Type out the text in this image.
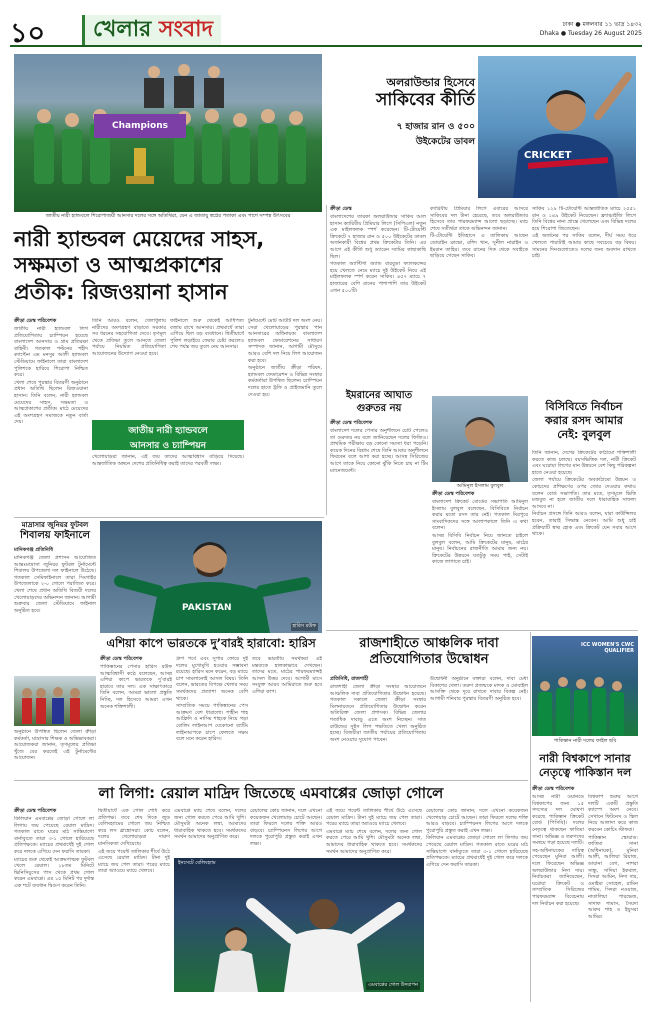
১০	খেলার সংবাদ	ঢাকা ● মঙ্গলবার ১১ ভাদ্র ১৪৩২
Dhaka ● Tuesday 26 August 2025
Champions
জাতীয় নারী হ্যান্ডবলে শিরোপাজয়ী আনসার দলের সঙ্গে অতিথিরা, যেন এ জাতায়ু স্বপ্নের পতাকা এবং পাশে সম্পন্ন উৎসবের
অলরাউন্ডার হিসেবে
সাকিবের কীর্তি
৭ হাজার রান ও ৫০০
উইকেটের ডাবল
CRICKET
ক্রীড়া ডেস্ক

বাংলাদেশের তারকা অলরাউন্ডার সাকিব আল হাসান ক্যারিবীয় প্রিমিয়ার লিগে (সিপিএল) নতুন এক মাইলফলক স্পর্শ করেছেন। টি-টোয়েন্টি ক্রিকেটে ৭ হাজার রান ও ৫০০ উইকেটের ডাবল অর্জনকারী বিশ্বের প্রথম ক্রিকেটার তিনি। এর আগে এই কীর্তি শুধু ড্যারেন স্যামির কাছাকাছি ছিল।

গতকাল অ্যান্টিগা অ্যান্ড বারবুডা ফ্যালকন্সের হয়ে খেলতে নেমে ম্যাচে দুই উইকেট নিয়ে এই মাইলফলক স্পর্শ করেন সাকিব। ৪৫৭ ম্যাচে ৭ হাজারের বেশি রানের পাশাপাশি তার উইকেট এখন ৫০০টি।

ক্যারিবীয় প্রিমিয়ার লিগে এবারের আসরে সাকিবের দল টানা হেরেছে, তবে অলরাউন্ডার হিসেবে তার পারফরম্যান্স আলো ছড়াচ্ছে। ম্যাচ শেষে সতীর্থরা তাকে অভিনন্দন জানান।

টি-টোয়েন্টি ইতিহাসে এ তালিকায় আছেন ডোয়াইন ব্রাভো, রশিদ খান, সুনীল নারাইন ও ইমরান তাহির। তবে রানের দিক থেকে সবাইকে ছাড়িয়ে গেছেন সাকিব।

সাকিব ১২৯ টি-টোয়েন্টি আন্তর্জাতিক ম্যাচে ২৫৫১ রান ও ১৪৯ উইকেট নিয়েছেন। ফ্র্যাঞ্চাইজি লিগে তিনি বিশ্বের নানা প্রান্তে খেলেছেন এবং বিভিন্ন দলের হয়ে শিরোপা জিতেছেন।

এই অর্জনের পর সাকিব বলেন, দীর্ঘ সময় ধরে খেলতে পারাটাই আমার কাছে সবচেয়ে বড় বিষয়। সামনের দিনগুলোতেও দলের জন্য অবদান রাখতে চাই।

নারী হ্যান্ডবল মেয়েদের সাহস,
সক্ষমতা ও আত্মপ্রকাশের
প্রতীক: রিজওয়ানা হাসান
ক্রীড়া ডেস্ক পরিবেশক

জাতীয় নারী হ্যান্ডবল লিগ প্রতিযোগিতায় চ্যাম্পিয়ন হয়েছে বাংলাদেশ আনসার ও গ্রাম প্রতিরক্ষা বাহিনী। গতকাল পল্টনের শহীদ ক্যাপ্টেন এম মনসুর আলী হ্যান্ডবল স্টেডিয়ামে ফাইনালে তারা বাংলাদেশ পুলিশকে হারিয়ে শিরোপা নিশ্চিত করে।

খেলা শেষে পুরস্কার বিতরণী অনুষ্ঠানে প্রধান অতিথি ছিলেন রিজওয়ানা হাসান। তিনি বলেন, নারী হ্যান্ডবল মেয়েদের সাহস, সক্ষমতা ও আত্মপ্রকাশের প্রতীক। মাঠে মেয়েদের এই অংশগ্রহণ সমাজকে নতুন বার্তা দেয়।

তিনি আরও বলেন, খেলাধুলায় নারীদের অংশগ্রহণ বাড়াতে সরকার সব ধরনের সহযোগিতা দেবে। তৃণমূল থেকে প্রতিভা তুলে আনতে জেলা পর্যায়ে নিয়মিত প্রতিযোগিতা আয়োজনের উদ্যোগ নেওয়া হবে।

ফাইনালে শুরু থেকেই আধিপত্য বজায় রাখে আনসার। প্রথমার্ধে তারা এগিয়ে ছিল বড় ব্যবধানে। দ্বিতীয়ার্ধে পুলিশ লড়াইয়ে ফেরার চেষ্টা করলেও শেষ পর্যন্ত জয় তুলে নেয় আনসার।

টুর্নামেন্টে মোট আটটি দল অংশ নেয়। সেরা খেলোয়াড়ের পুরস্কার পান আনসারের অধিনায়ক। বাংলাদেশ হ্যান্ডবল ফেডারেশনের সাধারণ সম্পাদক জানান, আগামী মৌসুমে আরও বেশি দল নিয়ে লিগ আয়োজন করা হবে।

অনুষ্ঠানে জাতীয় ক্রীড়া পরিষদ, হ্যান্ডবল ফেডারেশন ও বিভিন্ন সংস্থার কর্মকর্তারা উপস্থিত ছিলেন। চ্যাম্পিয়ন দলের হাতে ট্রফি ও প্রাইজমানি তুলে দেওয়া হয়।

জাতীয় নারী হ্যান্ডবলে
আনসার ও চ্যাম্পিয়ন

খেলোয়াড়রা জানান, এই জয় তাদের আত্মবিশ্বাস বাড়িয়ে দিয়েছে। আন্তর্জাতিক অঙ্গনে দেশের প্রতিনিধিত্ব করাই তাদের পরবর্তী লক্ষ্য।

ইমরানের আঘাত
গুরুতর নয়
ক্রীড়া ডেস্ক পরিবেশক
বাংলাদেশ দলের পেসার অনুশীলনে চোট পেলেও তা গুরুতর নয় বলে জানিয়েছেন দলের ফিজিও। প্রাথমিক পরীক্ষায় বড় কোনো সমস্যা ধরা পড়েনি। কয়েক দিনের বিশ্রাম শেষে তিনি আবার অনুশীলনে ফিরবেন বলে আশা করা হচ্ছে। আসন্ন সিরিজের আগে তাকে নিয়ে কোনো ঝুঁকি নিতে চায় না টিম ম্যানেজমেন্ট।
আমিনুল ইসলাম বুলবুল
বিসিবিতে নির্বাচন
করার রসদ আমার
নেই: বুলবুল
ক্রীড়া ডেস্ক পরিবেশক

বাংলাদেশ ক্রিকেট বোর্ডের সভাপতি আমিনুল ইসলাম বুলবুল বলেছেন, বিসিবিতে নির্বাচন করার মতো রসদ তার নেই। গতকাল মিরপুরে সাংবাদিকদের সঙ্গে আলাপকালে তিনি এ কথা বলেন।

আসন্ন বিসিবি নির্বাচন নিয়ে জানতে চাইলে বুলবুল বলেন, আমি ক্রিকেটের মানুষ, মাঠের মানুষ। নির্বাচনের রাজনীতি আমার জন্য নয়। ক্রিকেটের উন্নয়নে যতটুকু সময় পাই, সেটাই কাজে লাগাতে চাই।

তিনি জানান, দেশের ক্রিকেটের কাঠামো শক্তিশালী করতে কাজ চলছে। বয়সভিত্তিক দল, নারী ক্রিকেট এবং ঘরোয়া লিগের মান উন্নয়নে বেশ কিছু পরিকল্পনা হাতে নেওয়া হয়েছে।

জেলা পর্যায়ে ক্রিকেটের অবকাঠামো উন্নয়ন ও কোচদের প্রশিক্ষণের ওপর জোর দেওয়ার কথাও বলেন বোর্ড সভাপতি। তার মতে, তৃণমূলে ভিত্তি মজবুত না হলে জাতীয় দলে ধারাবাহিক সাফল্য আসবে না।

নির্বাচন প্রসঙ্গে তিনি আরও বলেন, যারা কাউন্সিলর হবেন, তারাই সিদ্ধান্ত নেবেন। আমি শুধু চাই প্রক্রিয়াটি স্বচ্ছ হোক এবং ক্রিকেট যেন সবার আগে থাকে।

মাদ্রাসার জুনিয়র ফুটবল
শিবালয় ফাইনালে
মানিকগঞ্জ প্রতিনিধি
মানিকগঞ্জ জেলা প্রশাসন আয়োজিত আন্তঃমাদ্রাসা জুনিয়র ফুটবল টুর্নামেন্টে শিবালয় উপজেলা দল ফাইনালে উঠেছে। গতকাল সেমিফাইনালে তারা সিংগাইর উপজেলাকে ২-০ গোলে পরাজিত করে। খেলা শেষে প্রধান অতিথি বিজয়ী দলের খেলোয়াড়দের অভিনন্দন জানান। আগামী শুক্রবার জেলা স্টেডিয়ামে ফাইনাল অনুষ্ঠিত হবে।
অনুষ্ঠানে উপস্থিত ছিলেন জেলা ক্রীড়া কর্মকর্তা, মাদ্রাসার শিক্ষক ও অভিভাবকরা। আয়োজকরা জানান, তৃণমূলের প্রতিভা খুঁজে বের করতেই এই টুর্নামেন্টের আয়োজন।
PAKISTAN
হারিস রউফ
এশিয়া কাপে ভারতকে দু’বারই হারাবো: হারিস
ক্রীড়া ডেস্ক পরিবেশক

পাকিস্তানের পেসার হারিস রউফ আত্মবিশ্বাসী কণ্ঠে বলেছেন, আসন্ন এশিয়া কাপে ভারতকে দু’বারই হারাবে তার দল। এক সাক্ষাৎকারে তিনি বলেন, আমরা ভালো প্রস্তুতি নিচ্ছি, দল হিসেবে আমরা এখন অনেক শক্তিশালী।

গ্রুপ পর্বে এবং সুপার ফোরে দুই দলের মুখোমুখি হওয়ার সম্ভাবনা রয়েছে। হারিস মনে করেন, বড় ম্যাচে চাপ সামলানোই আসল বিষয়। তিনি বলেন, ভারতের বিপক্ষে খেলার সময় সমর্থকদের প্রত্যাশা অনেক বেশি থাকে।

সাম্প্রতিক সময়ে পাকিস্তানের পেস আক্রমণ বেশ ধারালো। শাহীন শাহ আফ্রিদি ও নাসিম শাহকে নিয়ে গড়া বোলিং লাইনআপ যেকোনো ব্যাটিং লাইনআপকে চাপে ফেলতে সক্ষম বলে মনে করেন হারিস।

তবে ভারতীয় সমর্থকরা এই মন্তব্যকে হালকাভাবে দেখছেন। তাদের মতে, মাঠের পারফরম্যান্সই আসল উত্তর দেবে। আগামী মাসে সংযুক্ত আরব আমিরাতে শুরু হবে এশিয়া কাপ।

রাজশাহীতে আঞ্চলিক দাবা
প্রতিযোগিতার উদ্বোধন
প্রতিনিধি, রাজশাহী
রাজশাহী জেলা ক্রীড়া সংস্থার আয়োজনে আঞ্চলিক দাবা প্রতিযোগিতার উদ্বোধন হয়েছে। গতকাল সকালে জেলা ক্রীড়া সংস্থার মিলনায়তনে প্রতিযোগিতার উদ্বোধন করেন অতিরিক্ত জেলা প্রশাসক। বিভিন্ন জেলার শতাধিক দাবাড়ু এতে অংশ নিচ্ছেন। সাত রাউন্ডের সুইস লিগ পদ্ধতিতে খেলা অনুষ্ঠিত হচ্ছে। বিজয়ীরা জাতীয় পর্যায়ের প্রতিযোগিতায় অংশ নেওয়ার সুযোগ পাবেন।
উদ্বোধনী অনুষ্ঠানে বক্তারা বলেন, দাবা মেধা বিকাশের খেলা। তরুণ প্রজন্মকে মাদক ও মোবাইল আসক্তি থেকে দূরে রাখতে দাবার বিকল্প নেই। আগামী শনিবার পুরস্কার বিতরণী অনুষ্ঠিত হবে।
ICC WOMEN'S CWC QUALIFIER
পাকিস্তান নারী দলের ফাইল ছবি
নারী বিশ্বকাপে সানার
নেতৃত্বে পাকিস্তান দল
ক্রীড়া ডেস্ক পরিবেশক

আসন্ন নারী ওয়ানডে বিশ্বকাপের জন্য ১৫ সদস্যের দল ঘোষণা করেছে পাকিস্তান ক্রিকেট বোর্ড (পিসিবি)। দলের নেতৃত্বে থাকছেন ফাতিমা সানা। অভিজ্ঞ ও তরুণদের সমন্বয়ে গড়া হয়েছে দলটি।

সহ-অধিনায়কের দায়িত্ব পেয়েছেন মুনিবা আলী। দলে ফিরেছেন অভিজ্ঞ অলরাউন্ডার নিদা দার। নির্বাচকরা জানিয়েছেন, ঘরোয়া ক্রিকেট ও সাম্প্রতিক সিরিজের পারফরম্যান্স বিবেচনায় দল নির্বাচন করা হয়েছে।

বিশ্বকাপ শুরুর আগে দলটি একটি প্রস্তুতি ক্যাম্পে অংশ নেবে। সেখানে ফিটনেস ও স্কিল নিয়ে আলাদা করে কাজ করবেন কোচিং স্টাফরা।

পাকিস্তান স্কোয়াড: ফাতিমা সানা (অধিনায়ক), মুনিবা আলী, আলিয়া রিয়াজ, ডায়ানা বেগ, নাশরা সান্ধু, সাদিয়া ইকবাল, সিদরা আমিন, নিদা দার, ওমাইমা সোহেল, রামিন শামিম, সিদরা নওয়াজ, নাতালিয়া পারভেজ, সাদাফ শামাস, সৈয়দা আরুব শাহ ও ইয়ুসরা আমির।

লা লিগা: রেয়াল মাদ্রিদ জিতেছে এমবাপ্পের জোড়া গোলে
ক্রীড়া ডেস্ক পরিবেশক

কিলিয়ান এমবাপ্পের জোড়া গোলে লা লিগায় জয় পেয়েছে রেয়াল মাদ্রিদ। গতকাল রাতে ঘরের মাঠ সান্তিয়াগো বার্নাব্যুতে তারা ৩-১ গোলে হারিয়েছে প্রতিপক্ষকে। ম্যাচের প্রথমার্ধেই দুই গোল করে দলকে এগিয়ে দেন ফরাসি তারকা।

ম্যাচের শুরু থেকেই আক্রমণাত্মক ফুটবল খেলে রেয়াল। ১৮তম মিনিটে ভিনিসিয়ুসের পাস থেকে প্রথম গোল করেন এমবাপ্পে। এর ১৫ মিনিট পর দুর্দান্ত এক শটে ব্যবধান দ্বিগুণ করেন তিনি।

দ্বিতীয়ার্ধে এক গোল শোধ করে প্রতিপক্ষ। তবে শেষ দিকে জুড বেলিংহ্যামের গোলে জয় নিশ্চিত করে লস ব্লাঙ্কোসরা। কোচ বলেন, দলের খেলোয়াড়রা দারুণ মানসিকতা দেখিয়েছে।

এই জয়ে পয়েন্ট তালিকার শীর্ষে উঠে এসেছে রেয়াল মাদ্রিদ। টানা দুই ম্যাচে জয় পেল তারা। পরের ম্যাচে তারা অ্যাওয়ে ম্যাচে খেলবে।

এমবাপ্পে ম্যাচ শেষে বলেন, দলের জন্য গোল করতে পেরে আমি খুশি। মৌসুমটা অনেক লম্বা, আমাদের ধারাবাহিক থাকতে হবে। সমর্থকদের সমর্থন আমাদের অনুপ্রাণিত করে।

রেয়ালের কোচ জানান, দলে এখনো কয়েকজন খেলোয়াড় চোটে আছেন। তারা ফিরলে দলের শক্তি আরও বাড়বে। চ্যাম্পিয়নস লিগের আগে দলকে পুরোপুরি প্রস্তুত করাই এখন লক্ষ্য।

এই জয়ে পয়েন্ট তালিকার শীর্ষে উঠে এসেছে রেয়াল মাদ্রিদ। টানা দুই ম্যাচে জয় পেল তারা। পরের ম্যাচে তারা অ্যাওয়ে ম্যাচে খেলবে।

এমবাপ্পে ম্যাচ শেষে বলেন, দলের জন্য গোল করতে পেরে আমি খুশি। মৌসুমটা অনেক লম্বা, আমাদের ধারাবাহিক থাকতে হবে। সমর্থকদের সমর্থন আমাদের অনুপ্রাণিত করে।

রেয়ালের কোচ জানান, দলে এখনো কয়েকজন খেলোয়াড় চোটে আছেন। তারা ফিরলে দলের শক্তি আরও বাড়বে। চ্যাম্পিয়নস লিগের আগে দলকে পুরোপুরি প্রস্তুত করাই এখন লক্ষ্য।

কিলিয়ান এমবাপ্পের জোড়া গোলে লা লিগায় জয় পেয়েছে রেয়াল মাদ্রিদ। গতকাল রাতে ঘরের মাঠ সান্তিয়াগো বার্নাব্যুতে তারা ৩-১ গোলে হারিয়েছে প্রতিপক্ষকে। ম্যাচের প্রথমার্ধেই দুই গোল করে দলকে এগিয়ে দেন ফরাসি তারকা।

ইনসেটে বেলিংহ্যাম
এমবাপ্পের গোল উদযাপন
